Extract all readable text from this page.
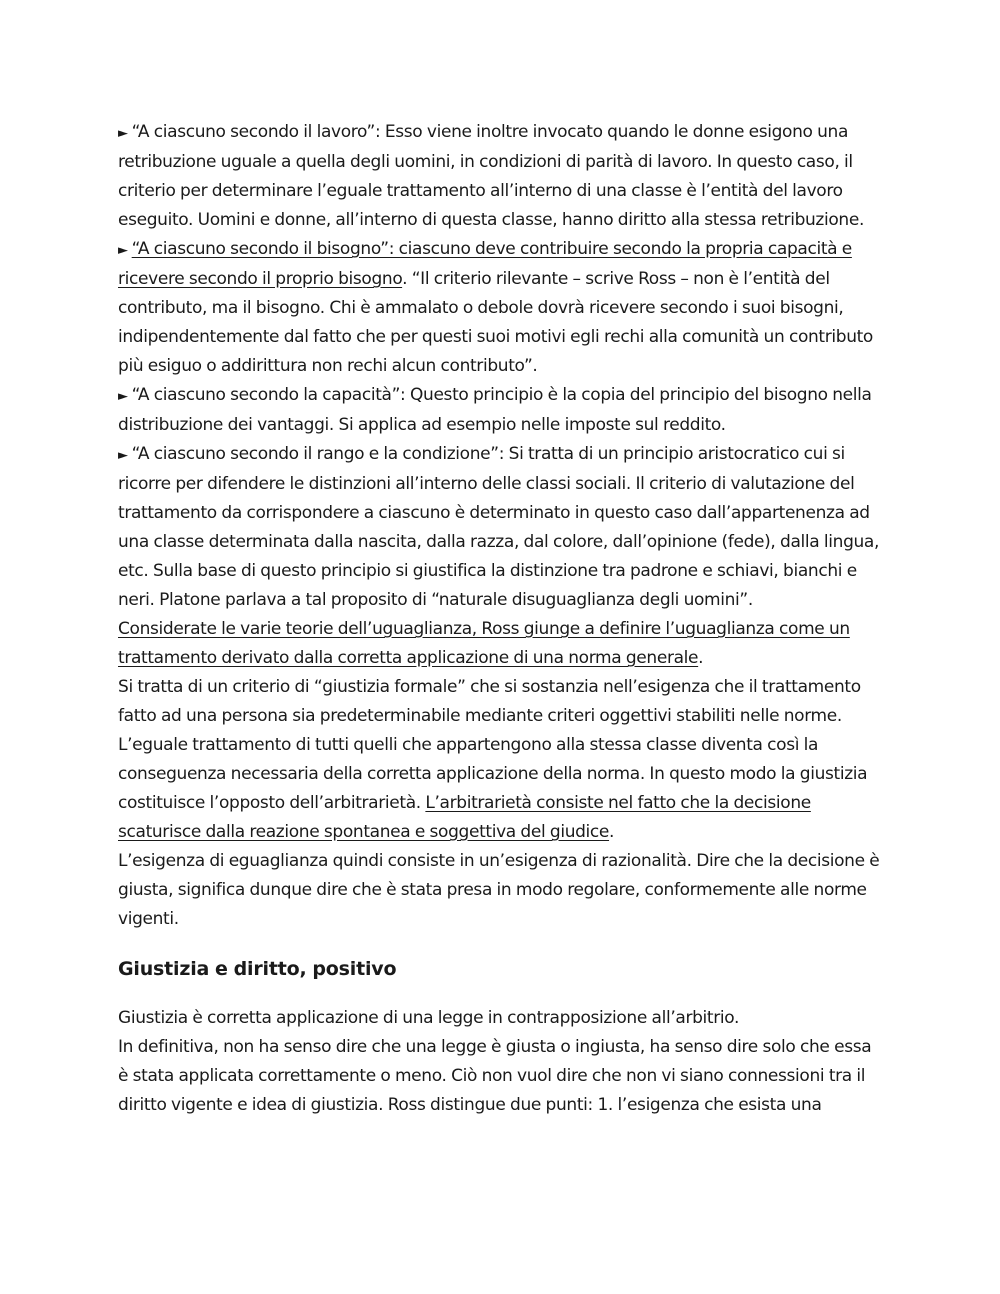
► “A ciascuno secondo il lavoro”: Esso viene inoltre invocato quando le donne esigono una retribuzione uguale a quella degli uomini, in condizioni di parità di lavoro. In questo caso, il criterio per determinare l’eguale trattamento all’interno di una classe è l’entità del lavoro eseguito. Uomini e donne, all’interno di questa classe, hanno diritto alla stessa retribuzione.

► “A ciascuno secondo il bisogno”: ciascuno deve contribuire secondo la propria capacità e ricevere secondo il proprio bisogno. “Il criterio rilevante – scrive Ross – non è l’entità del contributo, ma il bisogno. Chi è ammalato o debole dovrà ricevere secondo i suoi bisogni, indipendentemente dal fatto che per questi suoi motivi egli rechi alla comunità un contributo più esiguo o addirittura non rechi alcun contributo”.

► “A ciascuno secondo la capacità”: Questo principio è la copia del principio del bisogno nella distribuzione dei vantaggi. Si applica ad esempio nelle imposte sul reddito.

► “A ciascuno secondo il rango e la condizione”: Si tratta di un principio aristocratico cui si ricorre per difendere le distinzioni all’interno delle classi sociali. Il criterio di valutazione del trattamento da corrispondere a ciascuno è determinato in questo caso dall’appartenenza ad una classe determinata dalla nascita, dalla razza, dal colore, dall’opinione (fede), dalla lingua, etc. Sulla base di questo principio si giustifica la distinzione tra padrone e schiavi, bianchi e neri. Platone parlava a tal proposito di “naturale disuguaglianza degli uomini”.

Considerate le varie teorie dell’uguaglianza, Ross giunge a definire l’uguaglianza come un trattamento derivato dalla corretta applicazione di una norma generale.

Si tratta di un criterio di “giustizia formale” che si sostanzia nell’esigenza che il trattamento fatto ad una persona sia predeterminabile mediante criteri oggettivi stabiliti nelle norme.

L’eguale trattamento di tutti quelli che appartengono alla stessa classe diventa così la conseguenza necessaria della corretta applicazione della norma. In questo modo la giustizia costituisce l’opposto dell’arbitrarietà. L’arbitrarietà consiste nel fatto che la decisione scaturisce dalla reazione spontanea e soggettiva del giudice.

L’esigenza di eguaglianza quindi consiste in un’esigenza di razionalità. Dire che la decisione è giusta, significa dunque dire che è stata presa in modo regolare, conformemente alle norme vigenti.

Giustizia e diritto, positivo

Giustizia è corretta applicazione di una legge in contrapposizione all’arbitrio.

In definitiva, non ha senso dire che una legge è giusta o ingiusta, ha senso dire solo che essa è stata applicata correttamente o meno. Ciò non vuol dire che non vi siano connessioni tra il diritto vigente e idea di giustizia. Ross distingue due punti: 1. l’esigenza che esista una
